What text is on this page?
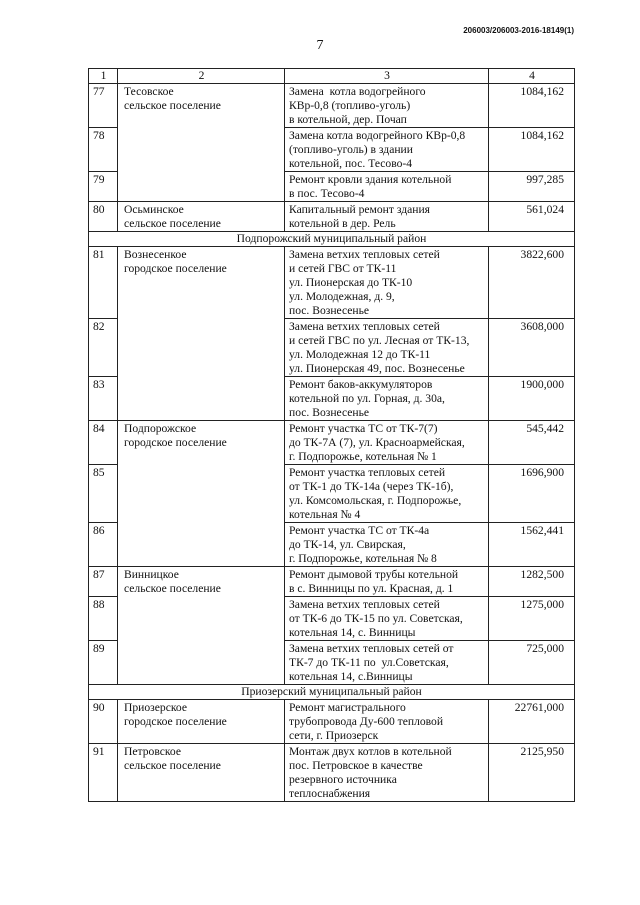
206003/206003-2016-18149(1)
7
1	2	3	4
77	Тесовское
сельское поселение	Замена  котла водогрейного
КВр-0,8 (топливо-уголь)
в котельной, дер. Почап	1084,162
78		Замена котла водогрейного КВр-0,8
(топливо-уголь) в здании
котельной, пос. Тесово-4	1084,162
79		Ремонт кровли здания котельной
в пос. Тесово-4	997,285
80	Осьминское
сельское поселение	Капитальный ремонт здания
котельной в дер. Рель	561,024
Подпорожский муниципальный район			
81	Вознесенкое
городское поселение	Замена ветхих тепловых сетей
и сетей ГВС от ТК-11
ул. Пионерская до ТК-10
ул. Молодежная, д. 9,
пос. Вознесенье	3822,600
82		Замена ветхих тепловых сетей
и сетей ГВС по ул. Лесная от ТК-13,
ул. Молодежная 12 до ТК-11
ул. Пионерская 49, пос. Вознесенье	3608,000
83		Ремонт баков-аккумуляторов
котельной по ул. Горная, д. 30а,
пос. Вознесенье	1900,000
84	Подпорожское
городское поселение	Ремонт участка ТС от ТК-7(7)
до ТК-7А (7), ул. Красноармейская,
г. Подпорожье, котельная № 1	545,442
85		Ремонт участка тепловых сетей
от ТК-1 до ТК-14а (через ТК-1б),
ул. Комсомольская, г. Подпорожье,
котельная № 4	1696,900
86		Ремонт участка ТС от ТК-4а
до ТК-14, ул. Свирская,
г. Подпорожье, котельная № 8	1562,441
87	Винницкое
сельское поселение	Ремонт дымовой трубы котельной
в с. Винницы по ул. Красная, д. 1	1282,500
88		Замена ветхих тепловых сетей
от ТК-6 до ТК-15 по ул. Советская,
котельная 14, с. Винницы	1275,000
89		Замена ветхих тепловых сетей от
ТК-7 до ТК-11 по  ул.Советская,
котельная 14, с.Винницы	725,000
Приозерский муниципальный район			
90	Приозерское
городское поселение	Ремонт магистрального
трубопровода Ду-600 тепловой
сети, г. Приозерск	22761,000
91	Петровское
сельское поселение	Монтаж двух котлов в котельной
пос. Петровское в качестве
резервного источника
теплоснабжения	2125,950
